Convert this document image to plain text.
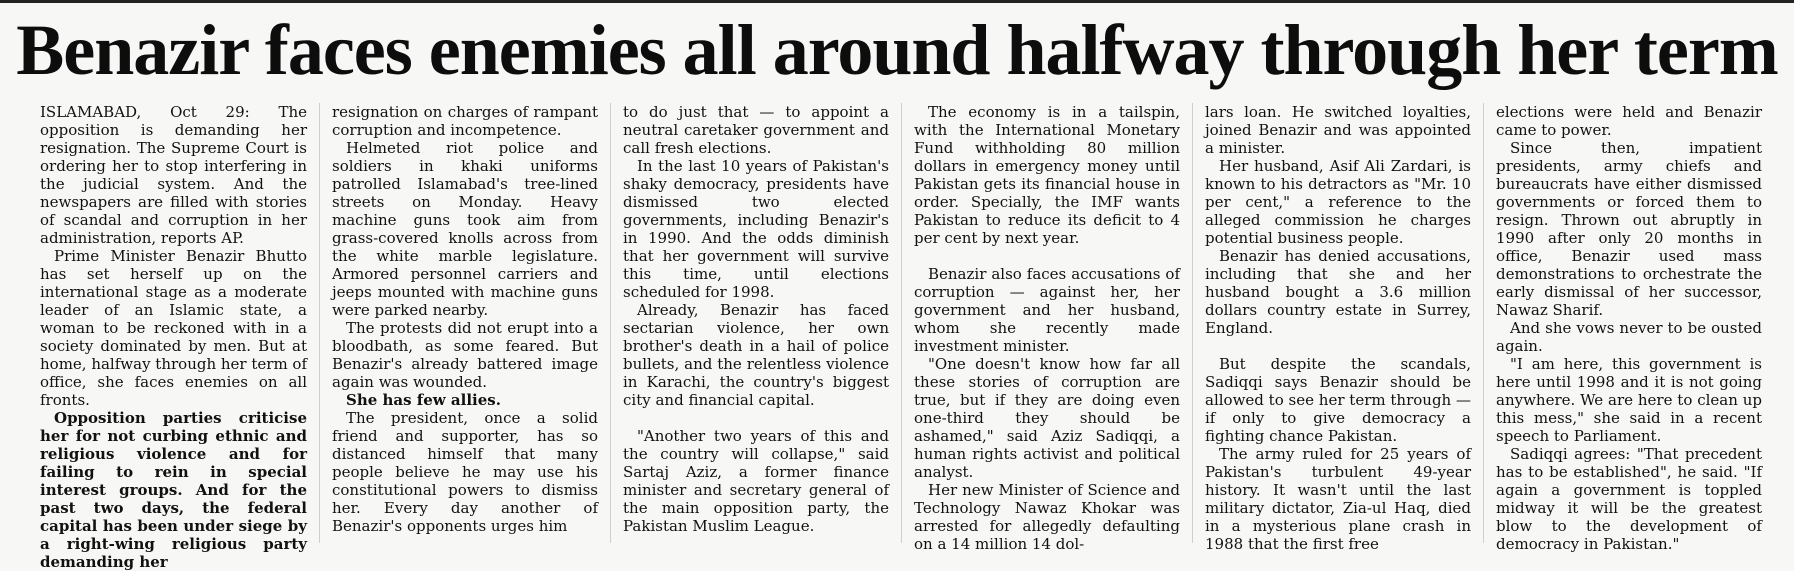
Benazir faces enemies all around halfway through her term

ISLAMABAD, Oct 29: The opposition is demanding her resignation. The Supreme Court is ordering her to stop interfering in the judicial system. And the newspapers are filled with stories of scandal and corruption in her administration, reports AP.

Prime Minister Benazir Bhutto has set herself up on the international stage as a moderate leader of an Islamic state, a woman to be reckoned with in a society dominated by men. But at home, halfway through her term of office, she faces enemies on all fronts.

Opposition parties criticise her for not curbing ethnic and religious violence and for failing to rein in special interest groups. And for the past two days, the federal capital has been under siege by a right-wing religious party demanding her

resignation on charges of rampant corruption and incompetence.

Helmeted riot police and soldiers in khaki uniforms patrolled Islamabad's tree-lined streets on Monday. Heavy machine guns took aim from grass-covered knolls across from the white marble legislature. Armored personnel carriers and jeeps mounted with machine guns were parked nearby.

The protests did not erupt into a bloodbath, as some feared. But Benazir's already battered image again was wounded.

She has few allies.

The president, once a solid friend and supporter, has so distanced himself that many people believe he may use his constitutional powers to dismiss her. Every day another of Benazir's opponents urges him

to do just that — to appoint a neutral caretaker government and call fresh elections.

In the last 10 years of Pakistan's shaky democracy, presidents have dismissed two elected governments, including Benazir's in 1990. And the odds diminish that her government will survive this time, until elections scheduled for 1998.

Already, Benazir has faced sectarian violence, her own brother's death in a hail of police bullets, and the relentless violence in Karachi, the country's biggest city and financial capital.

"Another two years of this and the country will collapse," said Sartaj Aziz, a former finance minister and secretary general of the main opposition party, the Pakistan Muslim League.

The economy is in a tailspin, with the International Monetary Fund withholding 80 million dollars in emergency money until Pakistan gets its financial house in order. Specially, the IMF wants Pakistan to reduce its deficit to 4 per cent by next year.

Benazir also faces accusations of corruption — against her, her government and her husband, whom she recently made investment minister.

"One doesn't know how far all these stories of corruption are true, but if they are doing even one-third they should be ashamed," said Aziz Sadiqqi, a human rights activist and political analyst.

Her new Minister of Science and Technology Nawaz Khokar was arrested for allegedly defaulting on a 14 million 14 dol-

lars loan. He switched loyalties, joined Benazir and was appointed a minister.

Her husband, Asif Ali Zardari, is known to his detractors as "Mr. 10 per cent," a reference to the alleged commission he charges potential business people.

Benazir has denied accusations, including that she and her husband bought a 3.6 million dollars country estate in Surrey, England.

But despite the scandals, Sadiqqi says Benazir should be allowed to see her term through — if only to give democracy a fighting chance Pakistan.

The army ruled for 25 years of Pakistan's turbulent 49-year history. It wasn't until the last military dictator, Zia-ul Haq, died in a mysterious plane crash in 1988 that the first free

elections were held and Benazir came to power.

Since then, impatient presidents, army chiefs and bureaucrats have either dismissed governments or forced them to resign. Thrown out abruptly in 1990 after only 20 months in office, Benazir used mass demonstrations to orchestrate the early dismissal of her successor, Nawaz Sharif.

And she vows never to be ousted again.

"I am here, this government is here until 1998 and it is not going anywhere. We are here to clean up this mess," she said in a recent speech to Parliament.

Sadiqqi agrees: "That precedent has to be established", he said. "If again a government is toppled midway it will be the greatest blow to the development of democracy in Pakistan."
